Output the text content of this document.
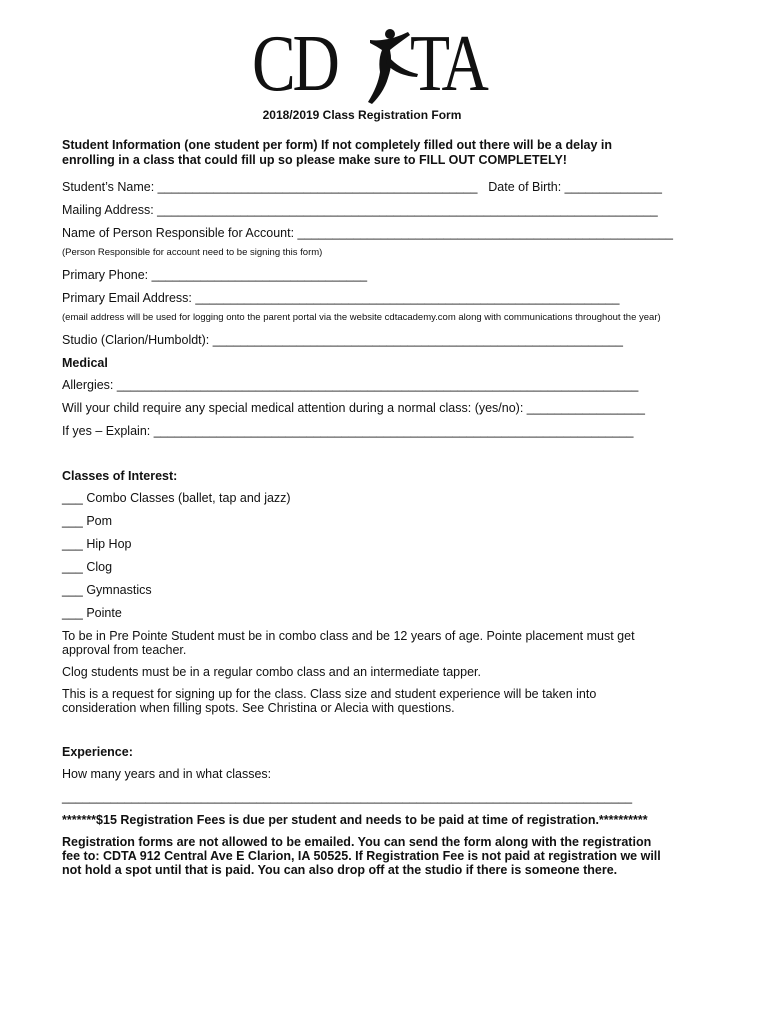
CD TA
2018/2019 Class Registration Form
Student Information (one student per form) If not completely filled out there will be a delay in enrolling in a class that could fill up so please make sure to FILL OUT COMPLETELY!
Student’s Name: ______________________________________________ Date of Birth: ______________
Mailing Address: ________________________________________________________________________
Name of Person Responsible for Account: ______________________________________________________
(Person Responsible for account need to be signing this form)
Primary Phone: _______________________________
Primary Email Address: _____________________________________________________________
(email address will be used for logging onto the parent portal via the website cdtacademy.com along with communications throughout the year)
Studio (Clarion/Humboldt): ___________________________________________________________
Medical
Allergies: ___________________________________________________________________________
Will your child require any special medical attention during a normal class: (yes/no): _________________
If yes – Explain: _____________________________________________________________________
Classes of Interest:
___ Combo Classes (ballet, tap and jazz)
___ Pom
___ Hip Hop
___ Clog
___ Gymnastics
___ Pointe
To be in Pre Pointe Student must be in combo class and be 12 years of age. Pointe placement must get approval from teacher.
Clog students must be in a regular combo class and an intermediate tapper.
This is a request for signing up for the class. Class size and student experience will be taken into consideration when filling spots. See Christina or Alecia with questions.
Experience:
How many years and in what classes:
__________________________________________________________________________________
*******$15 Registration Fees is due per student and needs to be paid at time of registration.**********
Registration forms are not allowed to be emailed. You can send the form along with the registration fee to: CDTA 912 Central Ave E Clarion, IA 50525. If Registration Fee is not paid at registration we will not hold a spot until that is paid. You can also drop off at the studio if there is someone there.
